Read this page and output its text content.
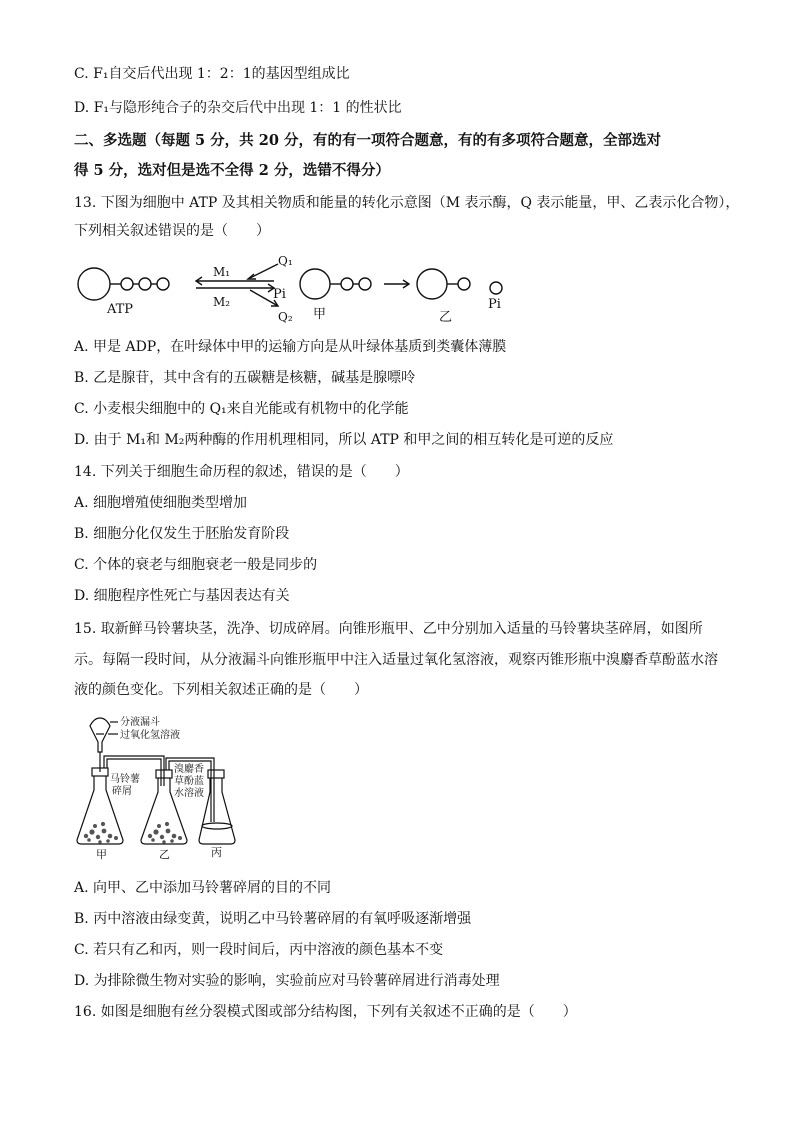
C. F₁自交后代出现 1：2：1的基因型组成比
D. F₁与隐形纯合子的杂交后代中出现 1：1 的性状比
二、多选题（每题 5 分，共 20 分，有的有一项符合题意，有的有多项符合题意，全部选对
得 5 分，选对但是选不全得 2 分，选错不得分）
13. 下图为细胞中 ATP 及其相关物质和能量的转化示意图（M 表示酶，Q 表示能量，甲、乙表示化合物），
下列相关叙述错误的是（　　）
ATP
M₁
M₂
Q₁
Pi
Q₂ 甲	乙
Pi
A. 甲是 ADP，在叶绿体中甲的运输方向是从叶绿体基质到类囊体薄膜
B. 乙是腺苷，其中含有的五碳糖是核糖，碱基是腺嘌呤
C. 小麦根尖细胞中的 Q₁来自光能或有机物中的化学能
D. 由于 M₁和 M₂两种酶的作用机理相同，所以 ATP 和甲之间的相互转化是可逆的反应
14. 下列关于细胞生命历程的叙述，错误的是（　　）
A. 细胞增殖使细胞类型增加
B. 细胞分化仅发生于胚胎发育阶段
C. 个体的衰老与细胞衰老一般是同步的
D. 细胞程序性死亡与基因表达有关
15. 取新鲜马铃薯块茎，洗净、切成碎屑。向锥形瓶甲、乙中分别加入适量的马铃薯块茎碎屑，如图所
示。每隔一段时间，从分液漏斗向锥形瓶甲中注入适量过氧化氢溶液，观察丙锥形瓶中溴麝香草酚蓝水溶
液的颜色变化。下列相关叙述正确的是（　　）
分液漏斗
过氧化氢溶液
马铃薯
碎屑
溴麝香
草酚蓝
水溶液
甲	乙	丙
A. 向甲、乙中添加马铃薯碎屑的目的不同
B. 丙中溶液由绿变黄，说明乙中马铃薯碎屑的有氧呼吸逐渐增强
C. 若只有乙和丙，则一段时间后，丙中溶液的颜色基本不变
D. 为排除微生物对实验的影响，实验前应对马铃薯碎屑进行消毒处理
16. 如图是细胞有丝分裂模式图或部分结构图，下列有关叙述不正确的是（　　）
